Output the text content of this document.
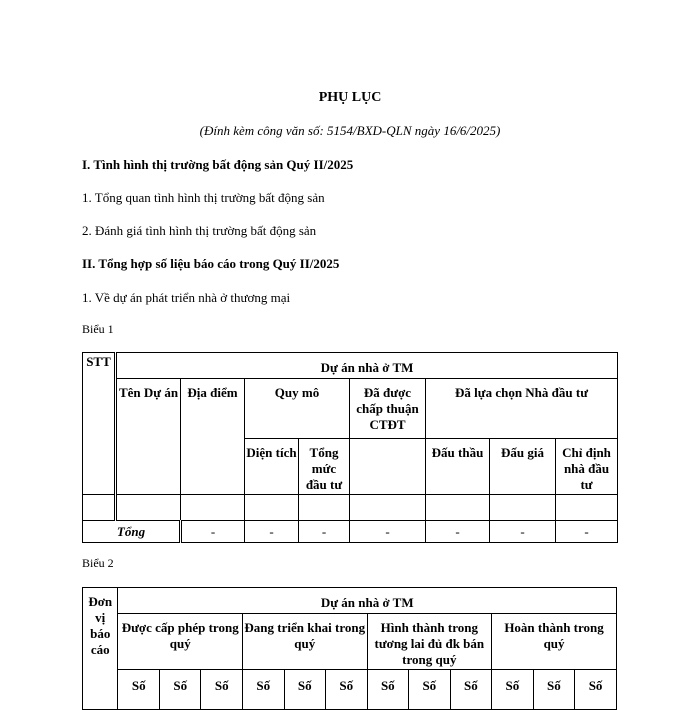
PHỤ LỤC
(Đính kèm công văn số: 5154/BXD-QLN ngày 16/6/2025)
I. Tình hình thị trường bất động sản Quý II/2025
1. Tổng quan tình hình thị trường bất động sản
2. Đánh giá tình hình thị trường bất động sản
II. Tổng hợp số liệu báo cáo trong Quý II/2025
1. Về dự án phát triển nhà ở thương mại
Biểu 1
STT	Dự án nhà ở TM							
	Tên Dự án	Địa điểm	Quy mô		Đã được chấp thuận CTĐT	Đã lựa chọn Nhà đầu tư		
			Diện tích	Tổng mức đầu tư		Đấu thầu	Đấu giá	Chỉ định nhà đầu tư

Tổng		-	-	-	-	-	-	-
Biểu 2
Đơn vị báo cáo	Dự án nhà ở TM											
	Được cấp phép trong quý			Đang triển khai trong quý			Hình thành trong tương lai đủ đk bán trong quý			Hoàn thành trong quý		
	Số	Số	Số	Số	Số	Số	Số	Số	Số	Số	Số	Số
